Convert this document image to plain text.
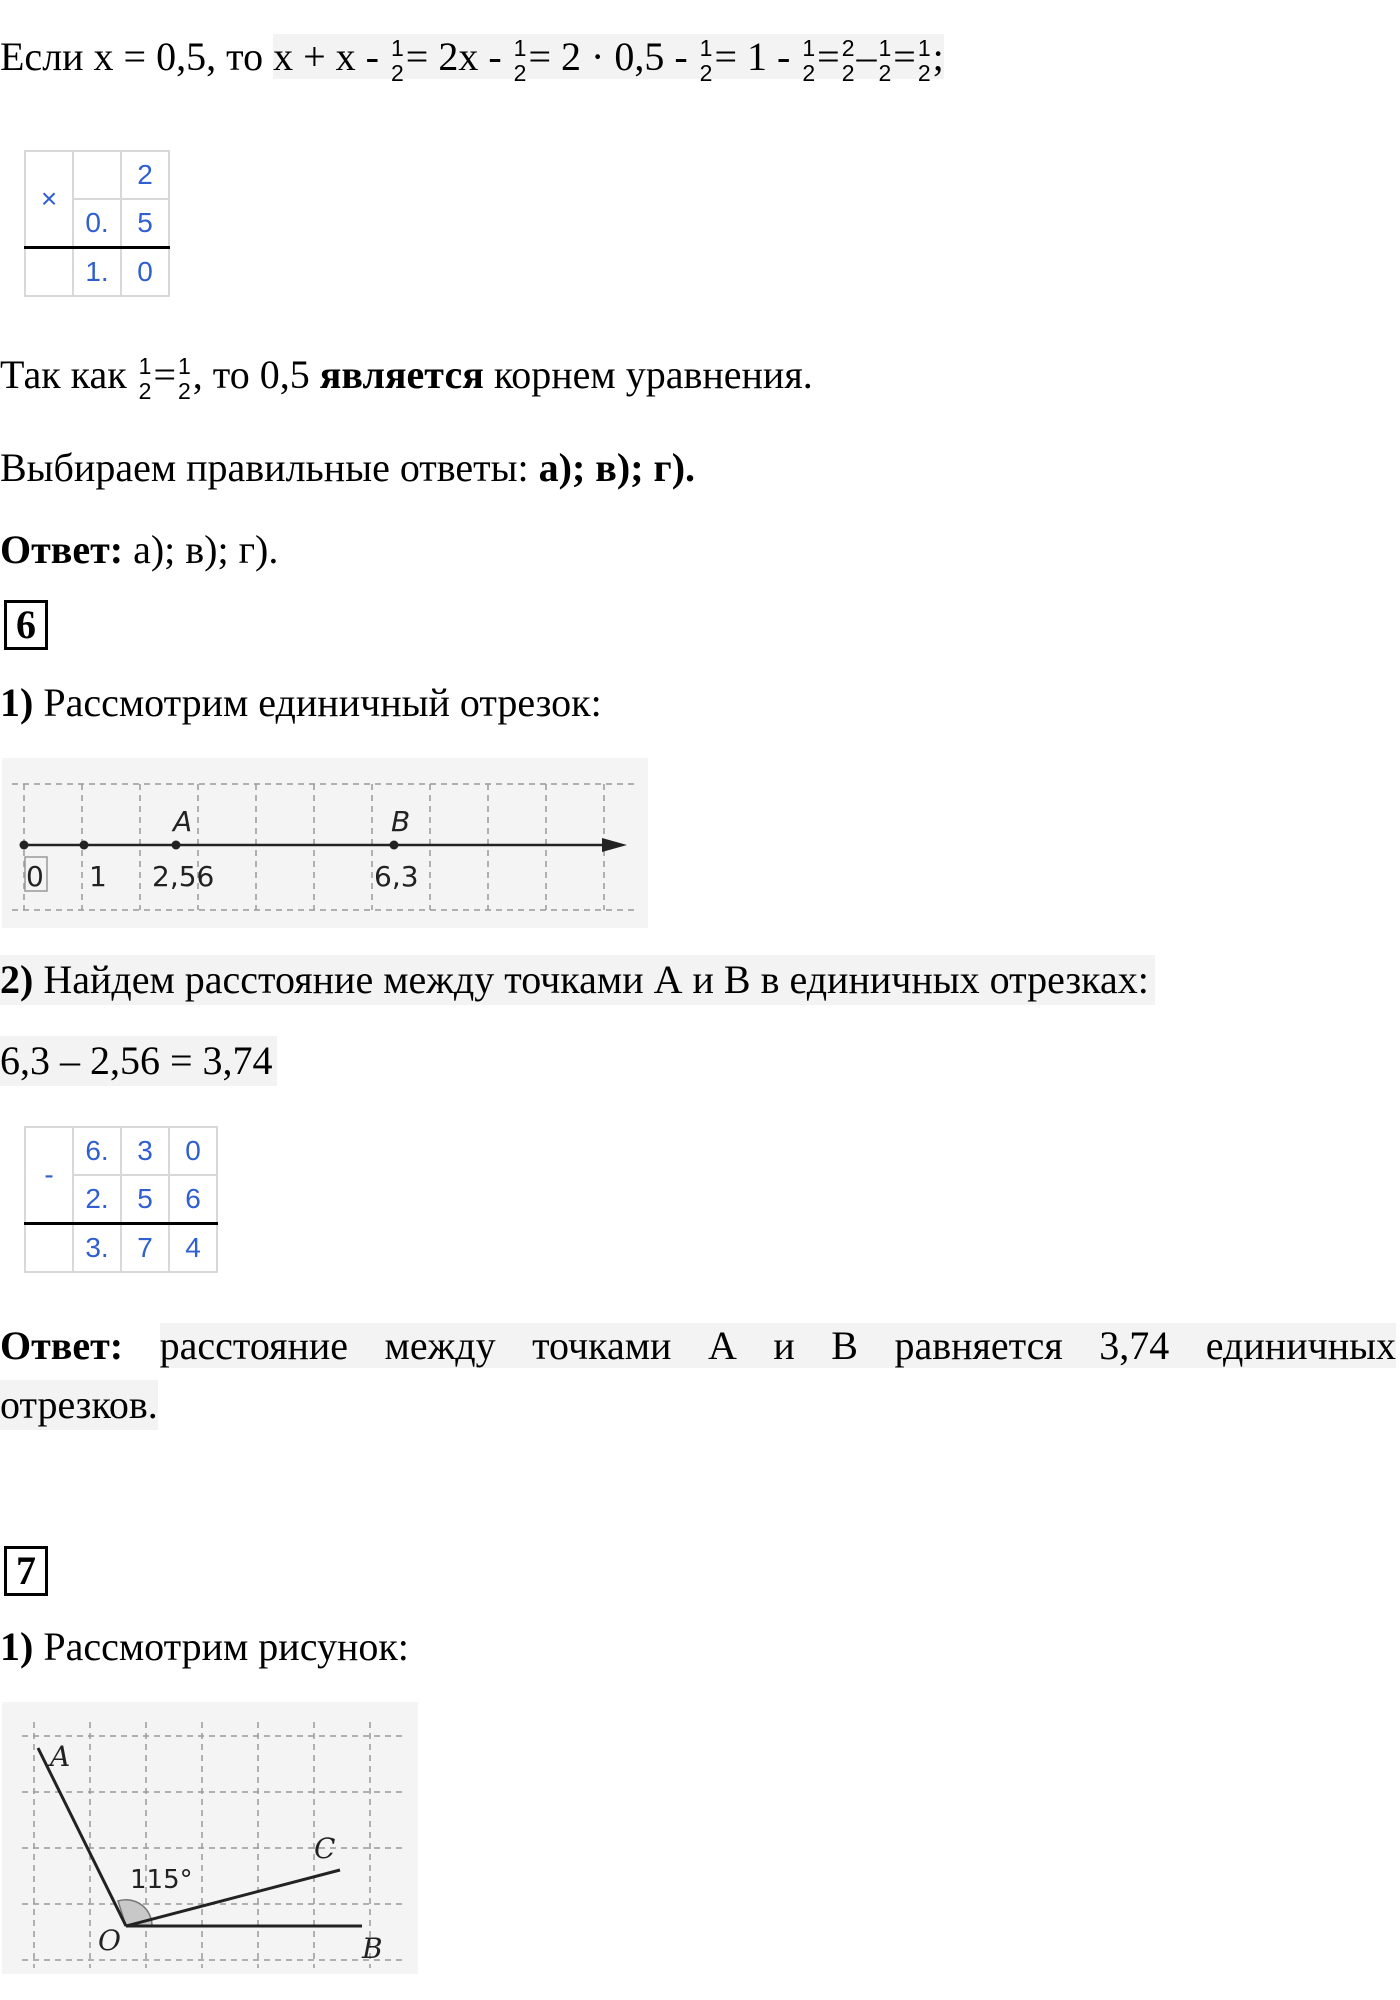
Если x = 0,5, то x + x - 1
2 = 2x - 1
2 = 2 · 0,5 - 1
2 = 1 - 1
2 = 2
2 – 1
2 = 1
2 ;
×		2
	0.	5
	1.	0
Так как 1
2 = 1
2 , то 0,5 является корнем уравнения.
Выбираем правильные ответы: а); в); г).
Ответ: а); в); г).
6
1) Рассмотрим единичный отрезок:
0 1 2,56	6,3
A	B
2) Найдем расстояние между точками А и В в единичных отрезках:
6,3 – 2,56 = 3,74
-	6.	3	0
	2.	5	6
	3.	7	4
Ответ: расстояние между точками А и В равняется 3,74 единичных
отрезков.
7
1) Рассмотрим рисунок:
A
C
O	B
115°
